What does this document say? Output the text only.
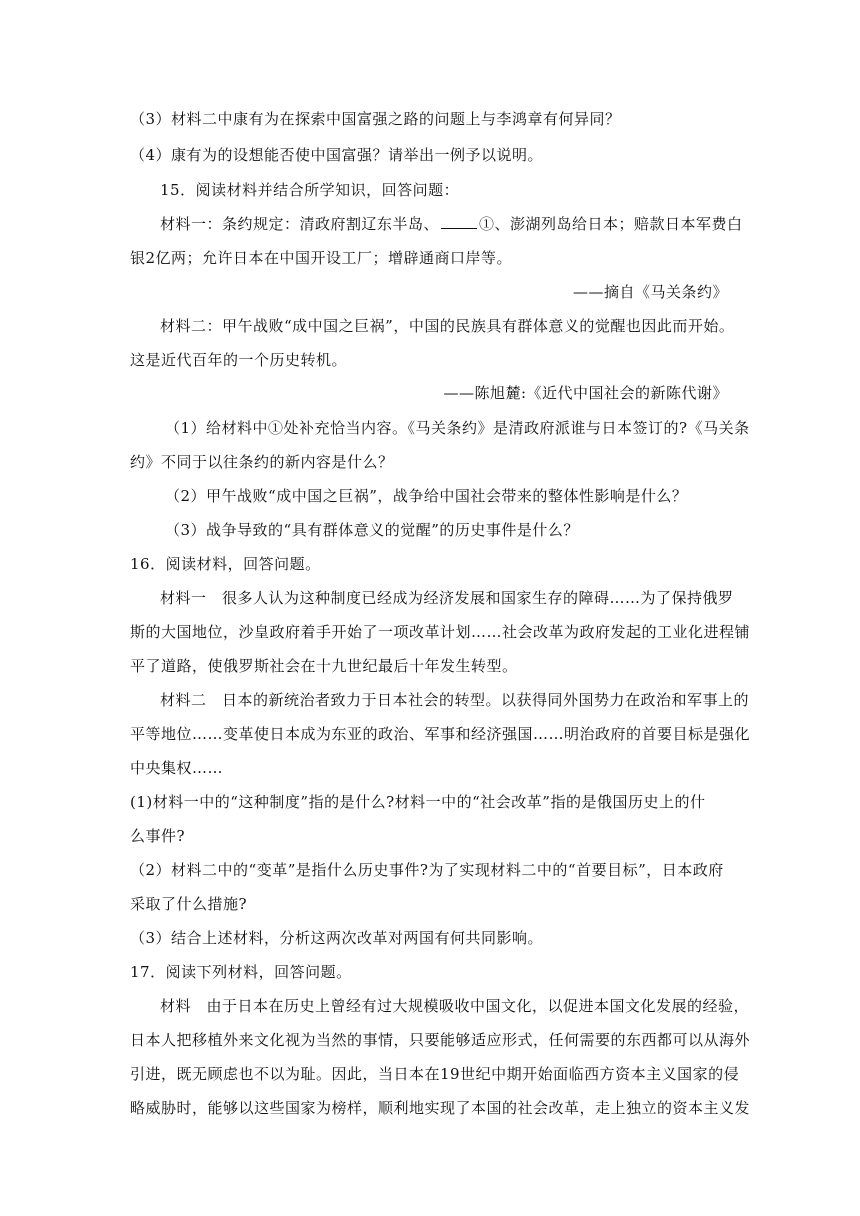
（3）材料二中康有为在探索中国富强之路的问题上与李鸿章有何异同？
（4）康有为的设想能否使中国富强？请举出一例予以说明。
15．阅读材料并结合所学知识，回答问题：
材料一：条约规定：清政府割辽东半岛、	①、澎湖列岛给日本；赔款日本军费白
银2亿两；允许日本在中国开设工厂；增辟通商口岸等。
——摘自《马关条约》
材料二：甲午战败“成中国之巨祸”，中国的民族具有群体意义的觉醒也因此而开始。
这是近代百年的一个历史转机。
——陈旭麓:《近代中国社会的新陈代谢》
（1）给材料中①处补充恰当内容。《马关条约》是清政府派谁与日本签订的?《马关条
约》不同于以往条约的新内容是什么？
（2）甲午战败“成中国之巨祸”，战争给中国社会带来的整体性影响是什么？
（3）战争导致的“具有群体意义的觉醒”的历史事件是什么？
16．阅读材料，回答问题。
材料一　很多人认为这种制度已经成为经济发展和国家生存的障碍……为了保持俄罗
斯的大国地位，沙皇政府着手开始了一项改革计划……社会改革为政府发起的工业化进程铺
平了道路，使俄罗斯社会在十九世纪最后十年发生转型。
材料二　日本的新统治者致力于日本社会的转型。以获得同外国势力在政治和军事上的
平等地位……变革使日本成为东亚的政治、军事和经济强国……明治政府的首要目标是强化
中央集权……
(1)材料一中的“这种制度”指的是什么?材料一中的“社会改革”指的是俄国历史上的什
么事件?
（2）材料二中的“变革”是指什么历史事件?为了实现材料二中的“首要目标”，日本政府
采取了什么措施?
（3）结合上述材料，分析这两次改革对两国有何共同影响。
17．阅读下列材料，回答问题。
材料　由于日本在历史上曾经有过大规模吸收中国文化，以促进本国文化发展的经验，
日本人把移植外来文化视为当然的事情，只要能够适应形式，任何需要的东西都可以从海外
引进，既无顾虑也不以为耻。因此，当日本在19世纪中期开始面临西方资本主义国家的侵
略威胁时，能够以这些国家为榜样，顺利地实现了本国的社会改革，走上独立的资本主义发
